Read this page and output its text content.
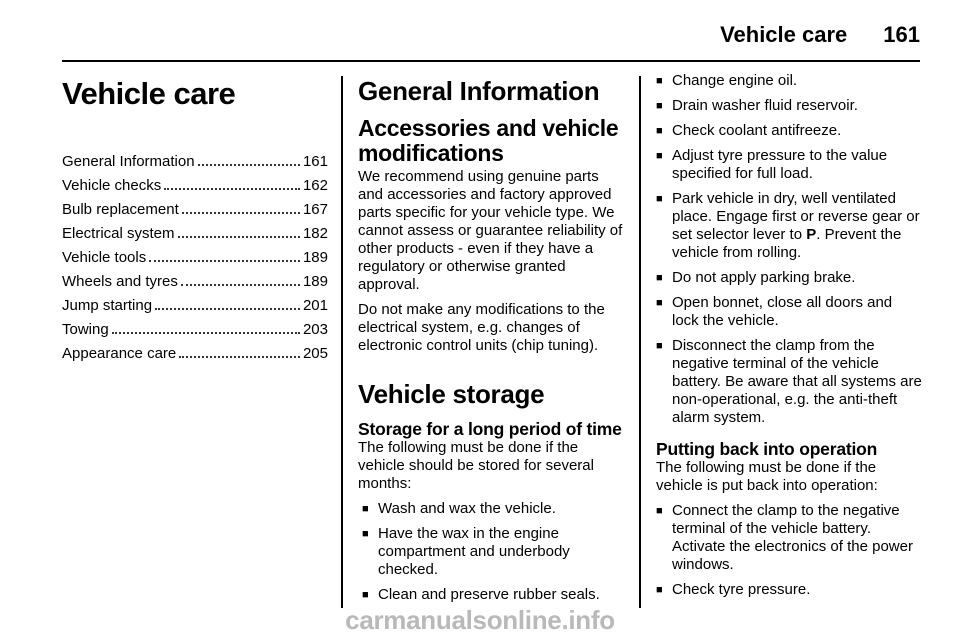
Vehicle care 161
Vehicle care
General Information	161
Vehicle checks	162
Bulb replacement	167
Electrical system	182
Vehicle tools	189
Wheels and tyres	189
Jump starting	201
Towing	203
Appearance care	205
General Information
Accessories and vehicle modifications

We recommend using genuine parts and accessories and factory approved parts specific for your vehicle type. We cannot assess or guarantee reliability of other products - even if they have a regulatory or otherwise granted approval.

Do not make any modifications to the electrical system, e.g. changes of electronic control units (chip tuning).

Vehicle storage
Storage for a long period of time

The following must be done if the vehicle should be stored for several months:

■ Wash and wax the vehicle.
■ Have the wax in the engine compartment and underbody checked.
■ Clean and preserve rubber seals.
■ Change engine oil.
■ Drain washer fluid reservoir.
■ Check coolant antifreeze.
■ Adjust tyre pressure to the value specified for full load.
■ Park vehicle in dry, well ventilated place. Engage first or reverse gear or set selector lever to P. Prevent the vehicle from rolling.
■ Do not apply parking brake.
■ Open bonnet, close all doors and lock the vehicle.
■ Disconnect the clamp from the negative terminal of the vehicle battery. Be aware that all systems are non-operational, e.g. the anti-theft alarm system.
Putting back into operation

The following must be done if the vehicle is put back into operation:

■ Connect the clamp to the negative terminal of the vehicle battery. Activate the electronics of the power windows.
■ Check tyre pressure.
carmanualsonline.info
